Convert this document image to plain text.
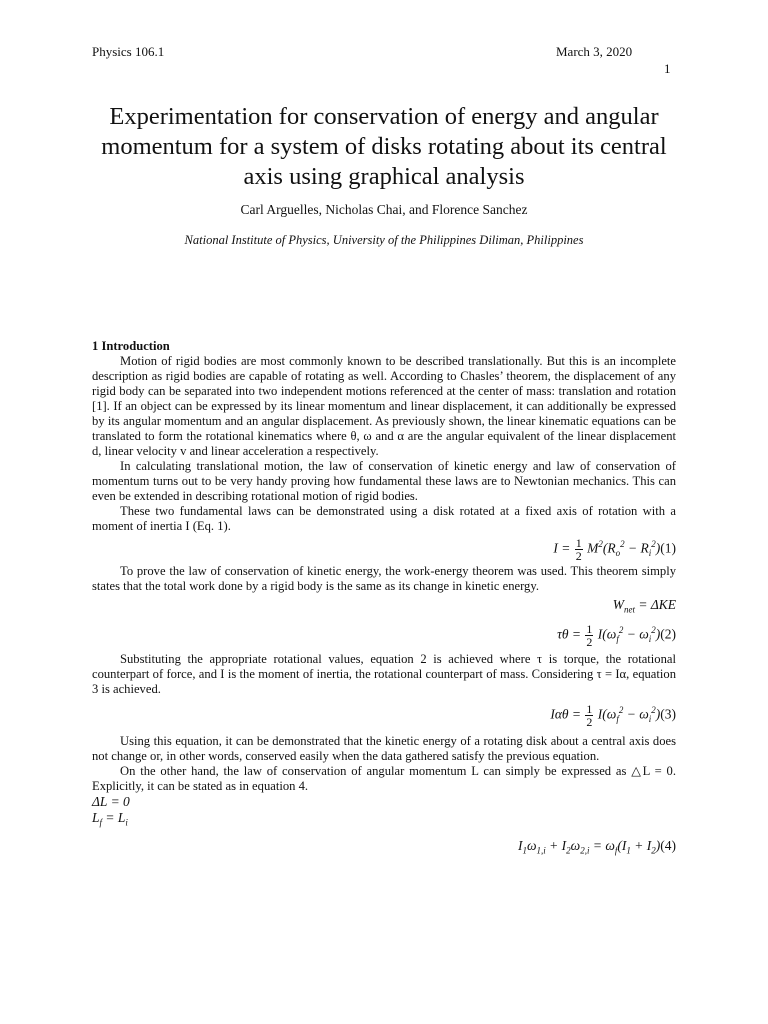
Physics 106.1	March 3, 2020
1
Experimentation for conservation of energy and angular momentum for a system of disks rotating about its central axis using graphical analysis
Carl Arguelles, Nicholas Chai, and Florence Sanchez
National Institute of Physics, University of the Philippines Diliman, Philippines
1 Introduction

Motion of rigid bodies are most commonly known to be described translationally. But this is an incomplete description as rigid bodies are capable of rotating as well. According to Chasles’ theorem, the displacement of any rigid body can be separated into two independent motions referenced at the center of mass: translation and rotation [1]. If an object can be expressed by its linear momentum and linear displacement, it can additionally be expressed by its angular momentum and an angular displacement. As previously shown, the linear kinematic equations can be translated to form the rotational kinematics where θ, ω and α are the angular equivalent of the linear displacement d, linear velocity v and linear acceleration a respectively.

In calculating translational motion, the law of conservation of kinetic energy and law of conservation of momentum turns out to be very handy proving how fundamental these laws are to Newtonian mechanics. This can even be extended in describing rotational motion of rigid bodies.

These two fundamental laws can be demonstrated using a disk rotated at a fixed axis of rotation with a moment of inertia I (Eq. 1).

$I = \frac{1}{2} M^2(R_o^2 - R_i^2)(1)$

To prove the law of conservation of kinetic energy, the work-energy theorem was used. This theorem simply states that the total work done by a rigid body is the same as its change in kinetic energy.

$W_{net} = \Delta KE$
$\tau\theta = \frac{1}{2} I(\omega_f^2 - \omega_i^2)(2)$

Substituting the appropriate rotational values, equation 2 is achieved where τ is torque, the rotational counterpart of force, and I is the moment of inertia, the rotational counterpart of mass. Considering τ = Iα, equation 3 is achieved.

$I\alpha\theta = \frac{1}{2} I(\omega_f^2 - \omega_i^2)(3)$

Using this equation, it can be demonstrated that the kinetic energy of a rotating disk about a central axis does not change or, in other words, conserved easily when the data gathered satisfy the previous equation.

On the other hand, the law of conservation of angular momentum L can simply be expressed as △L = 0. Explicitly, it can be stated as in equation 4.

ΔL = 0
$L_f = L_i$
$I_1\omega_{1,i} + I_2\omega_{2,i} = \omega_f(I_1 + I_2)(4)$
